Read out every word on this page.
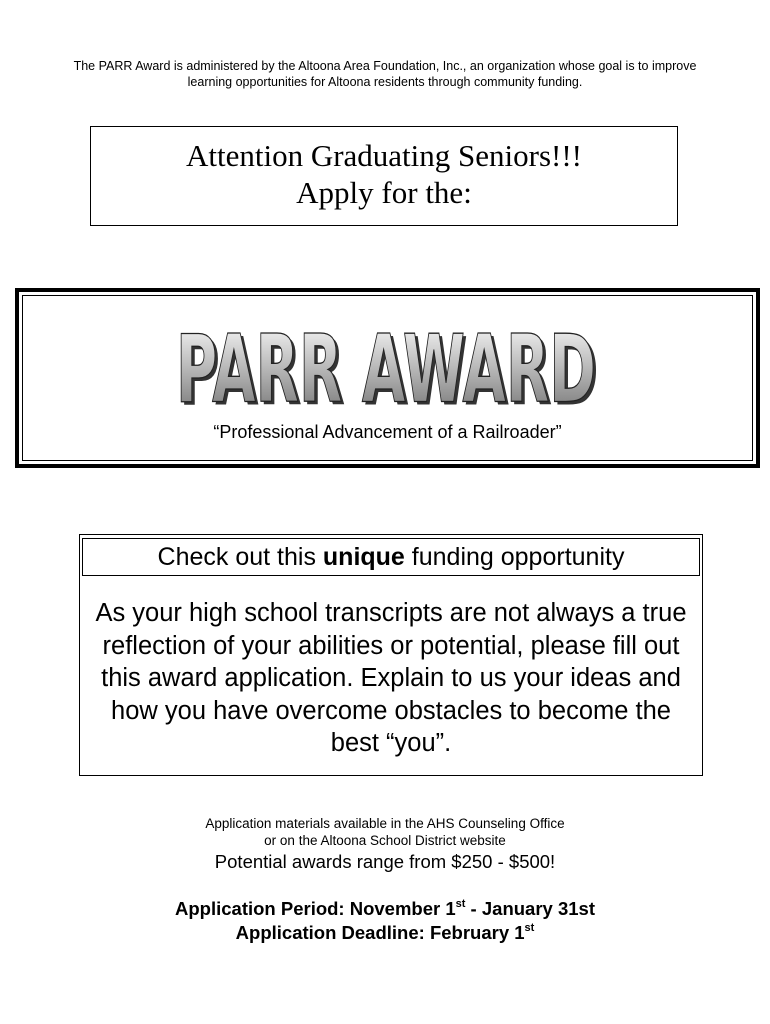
The PARR Award is administered by the Altoona Area Foundation, Inc., an organization whose goal is to improve
learning opportunities for Altoona residents through community funding.
Attention Graduating Seniors!!!
Apply for the:
PARR AWARD
PARR AWARD
“Professional Advancement of a Railroader”
Check out this unique funding opportunity
As your high school transcripts are not always a true reflection of your abilities or potential, please fill out this award application. Explain to us your ideas and how you have overcome obstacles to become the best “you”.
Application materials available in the AHS Counseling Office
or on the Altoona School District website
Potential awards range from $250 - $500!
Application Period: November 1st - January 31st
Application Deadline: February 1st
